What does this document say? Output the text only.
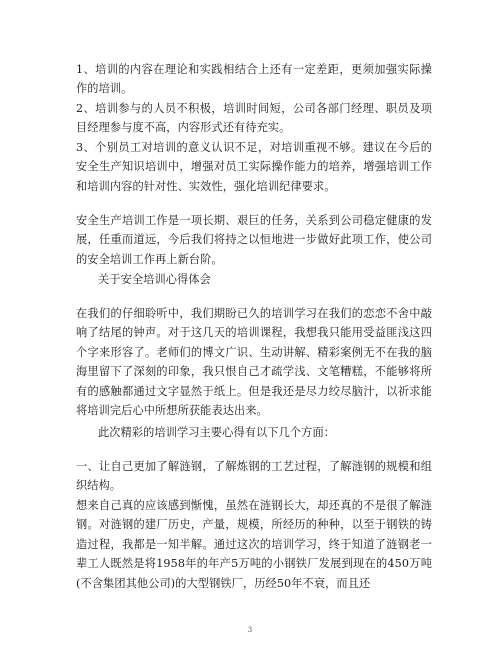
1、培训的内容在理论和实践相结合上还有一定差距，更须加强实际操作的培训。

2、培训参与的人员不积极，培训时间短，公司各部门经理、职员及项目经理参与度不高，内容形式还有待充实。

3、个别员工对培训的意义认识不足，对培训重视不够。建议在今后的安全生产知识培训中，增强对员工实际操作能力的培养，增强培训工作和培训内容的针对性、实效性，强化培训纪律要求。

安全生产培训工作是一项长期、艰巨的任务，关系到公司稳定健康的发展，任重而道远，今后我们将持之以恒地进一步做好此项工作，使公司的安全培训工作再上新台阶。

关于安全培训心得体会

在我们的仔细聆听中，我们期盼已久的培训学习在我们的恋恋不舍中敲响了结尾的钟声。对于这几天的培训课程，我想我只能用受益匪浅这四个字来形容了。老师们的博文广识、生动讲解、精彩案例无不在我的脑海里留下了深刻的印象，我只恨自己才疏学浅、文笔糟糕，不能够将所有的感触都通过文字显然于纸上。但是我还是尽力绞尽脑汁，以祈求能将培训完后心中所想所获能表达出来。

此次精彩的培训学习主要心得有以下几个方面：

一、让自己更加了解涟钢，了解炼钢的工艺过程，了解涟钢的规模和组织结构。

想来自己真的应该感到惭愧，虽然在涟钢长大，却还真的不是很了解涟钢。对涟钢的建厂历史，产量，规模，所经历的种种，以至于钢铁的铸造过程，我都是一知半解。通过这次的培训学习，终于知道了涟钢老一辈工人既然是将1958年的年产5万吨的小钢铁厂发展到现在的450万吨(不含集团其他公司)的大型钢铁厂，历经50年不衰，而且还

3
